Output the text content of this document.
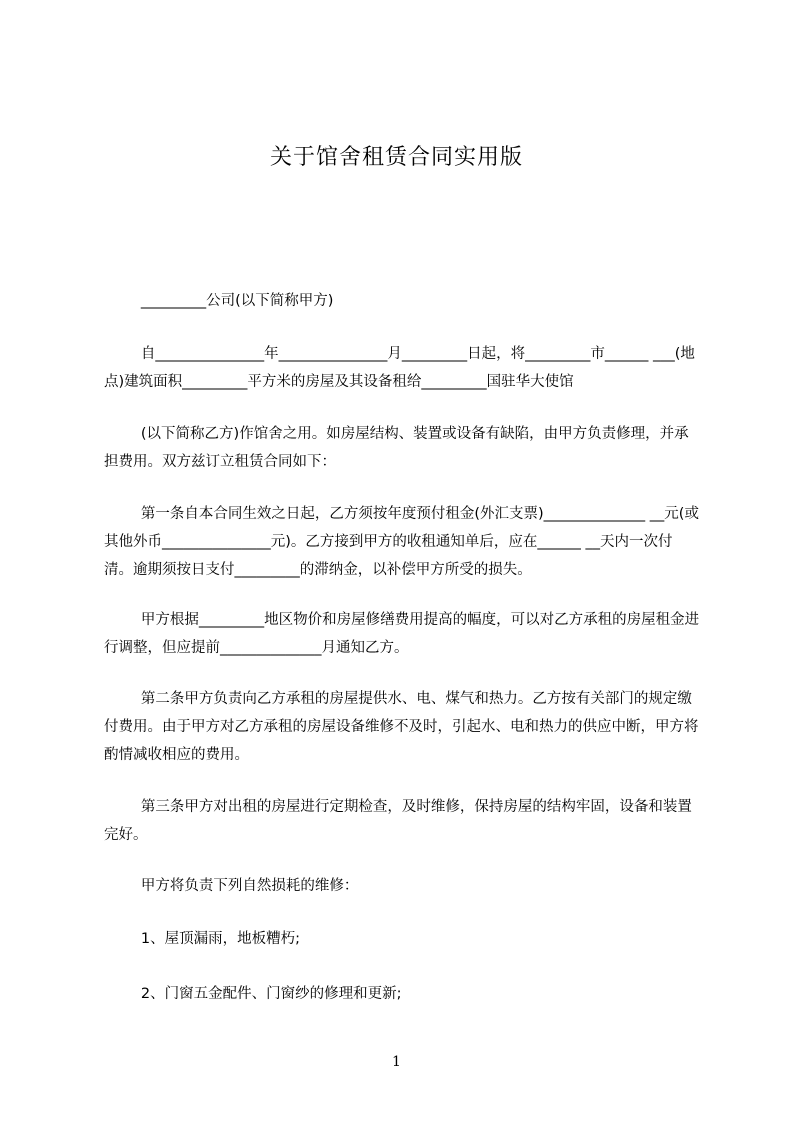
关于馆舍租赁合同实用版

_________公司(以下简称甲方)

自_______________年_______________月_________日起，将_________市______ ___(地点)建筑面积_________平方米的房屋及其设备租给_________国驻华大使馆

(以下简称乙方)作馆舍之用。如房屋结构、装置或设备有缺陷，由甲方负责修理，并承担费用。双方兹订立租赁合同如下：

第一条自本合同生效之日起，乙方须按年度预付租金(外汇支票)______________ __元(或其他外币_______________元)。乙方接到甲方的收租通知单后，应在______ __天内一次付清。逾期须按日支付_________的滞纳金，以补偿甲方所受的损失。

甲方根据_________地区物价和房屋修缮费用提高的幅度，可以对乙方承租的房屋租金进行调整，但应提前______________月通知乙方。

第二条甲方负责向乙方承租的房屋提供水、电、煤气和热力。乙方按有关部门的规定缴付费用。由于甲方对乙方承租的房屋设备维修不及时，引起水、电和热力的供应中断，甲方将酌情减收相应的费用。

第三条甲方对出租的房屋进行定期检查，及时维修，保持房屋的结构牢固，设备和装置完好。

甲方将负责下列自然损耗的维修：

1、屋顶漏雨，地板糟朽;

2、门窗五金配件、门窗纱的修理和更新;

1
